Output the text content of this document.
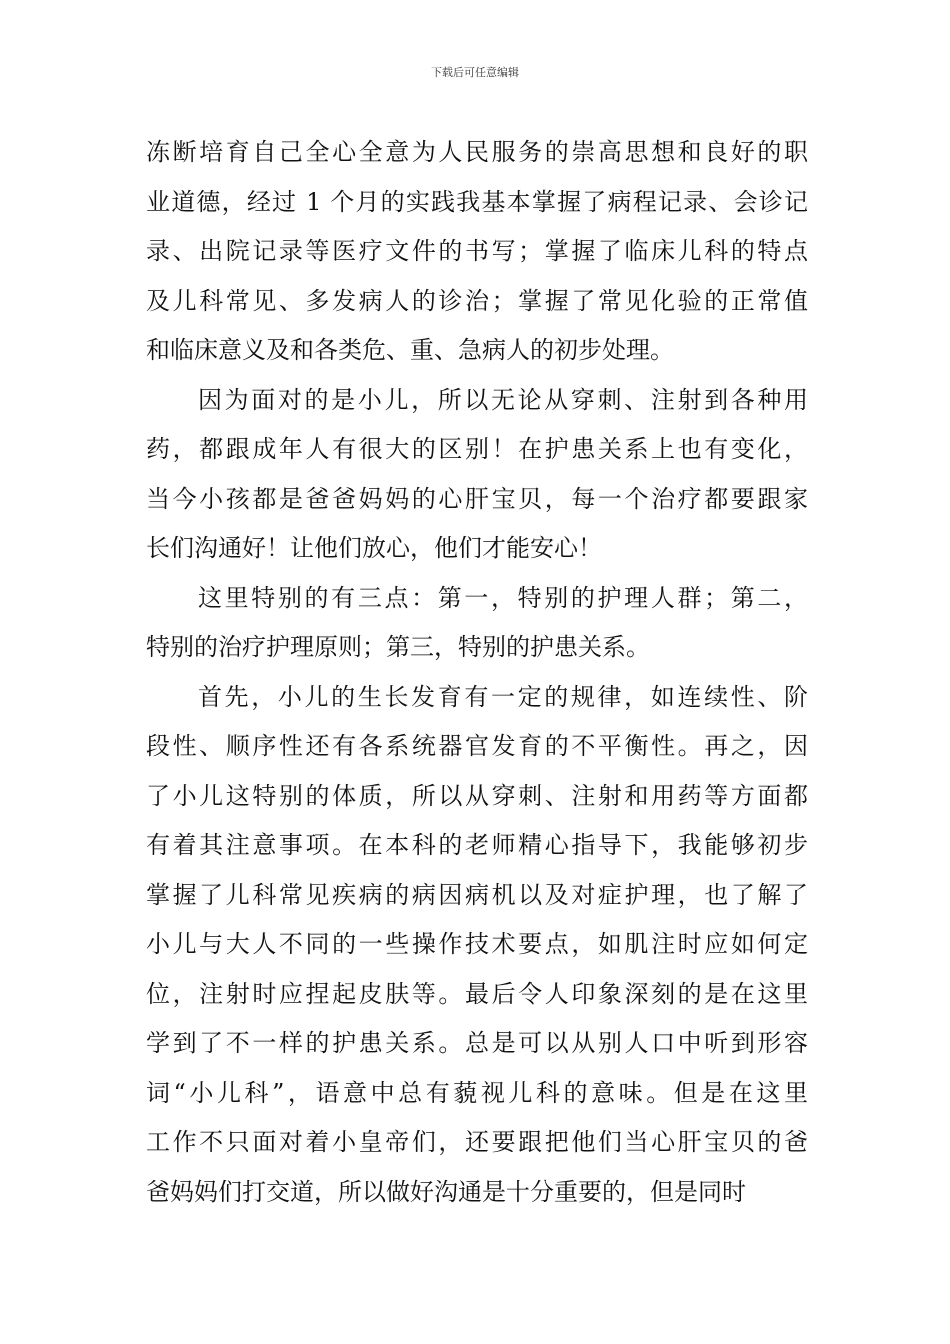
下载后可任意编辑
冻断培育自己全心全意为人民服务的崇高思想和良好的职
业道德，经过 1 个月的实践我基本掌握了病程记录、会诊记
录、出院记录等医疗文件的书写；掌握了临床儿科的特点
及儿科常见、多发病人的诊治；掌握了常见化验的正常值
和临床意义及和各类危、重、急病人的初步处理。
因为面对的是小儿，所以无论从穿刺、注射到各种用
药，都跟成年人有很大的区别！在护患关系上也有变化，
当今小孩都是爸爸妈妈的心肝宝贝，每一个治疗都要跟家
长们沟通好！让他们放心，他们才能安心！
这里特别的有三点：第一，特别的护理人群；第二，
特别的治疗护理原则；第三，特别的护患关系。
首先，小儿的生长发育有一定的规律，如连续性、阶
段性、顺序性还有各系统器官发育的不平衡性。再之，因
了小儿这特别的体质，所以从穿刺、注射和用药等方面都
有着其注意事项。在本科的老师精心指导下，我能够初步
掌握了儿科常见疾病的病因病机以及对症护理，也了解了
小儿与大人不同的一些操作技术要点，如肌注时应如何定
位，注射时应捏起皮肤等。最后令人印象深刻的是在这里
学到了不一样的护患关系。总是可以从别人口中听到形容
词“小儿科”，语意中总有藐视儿科的意味。但是在这里
工作不只面对着小皇帝们，还要跟把他们当心肝宝贝的爸
爸妈妈们打交道，所以做好沟通是十分重要的，但是同时
